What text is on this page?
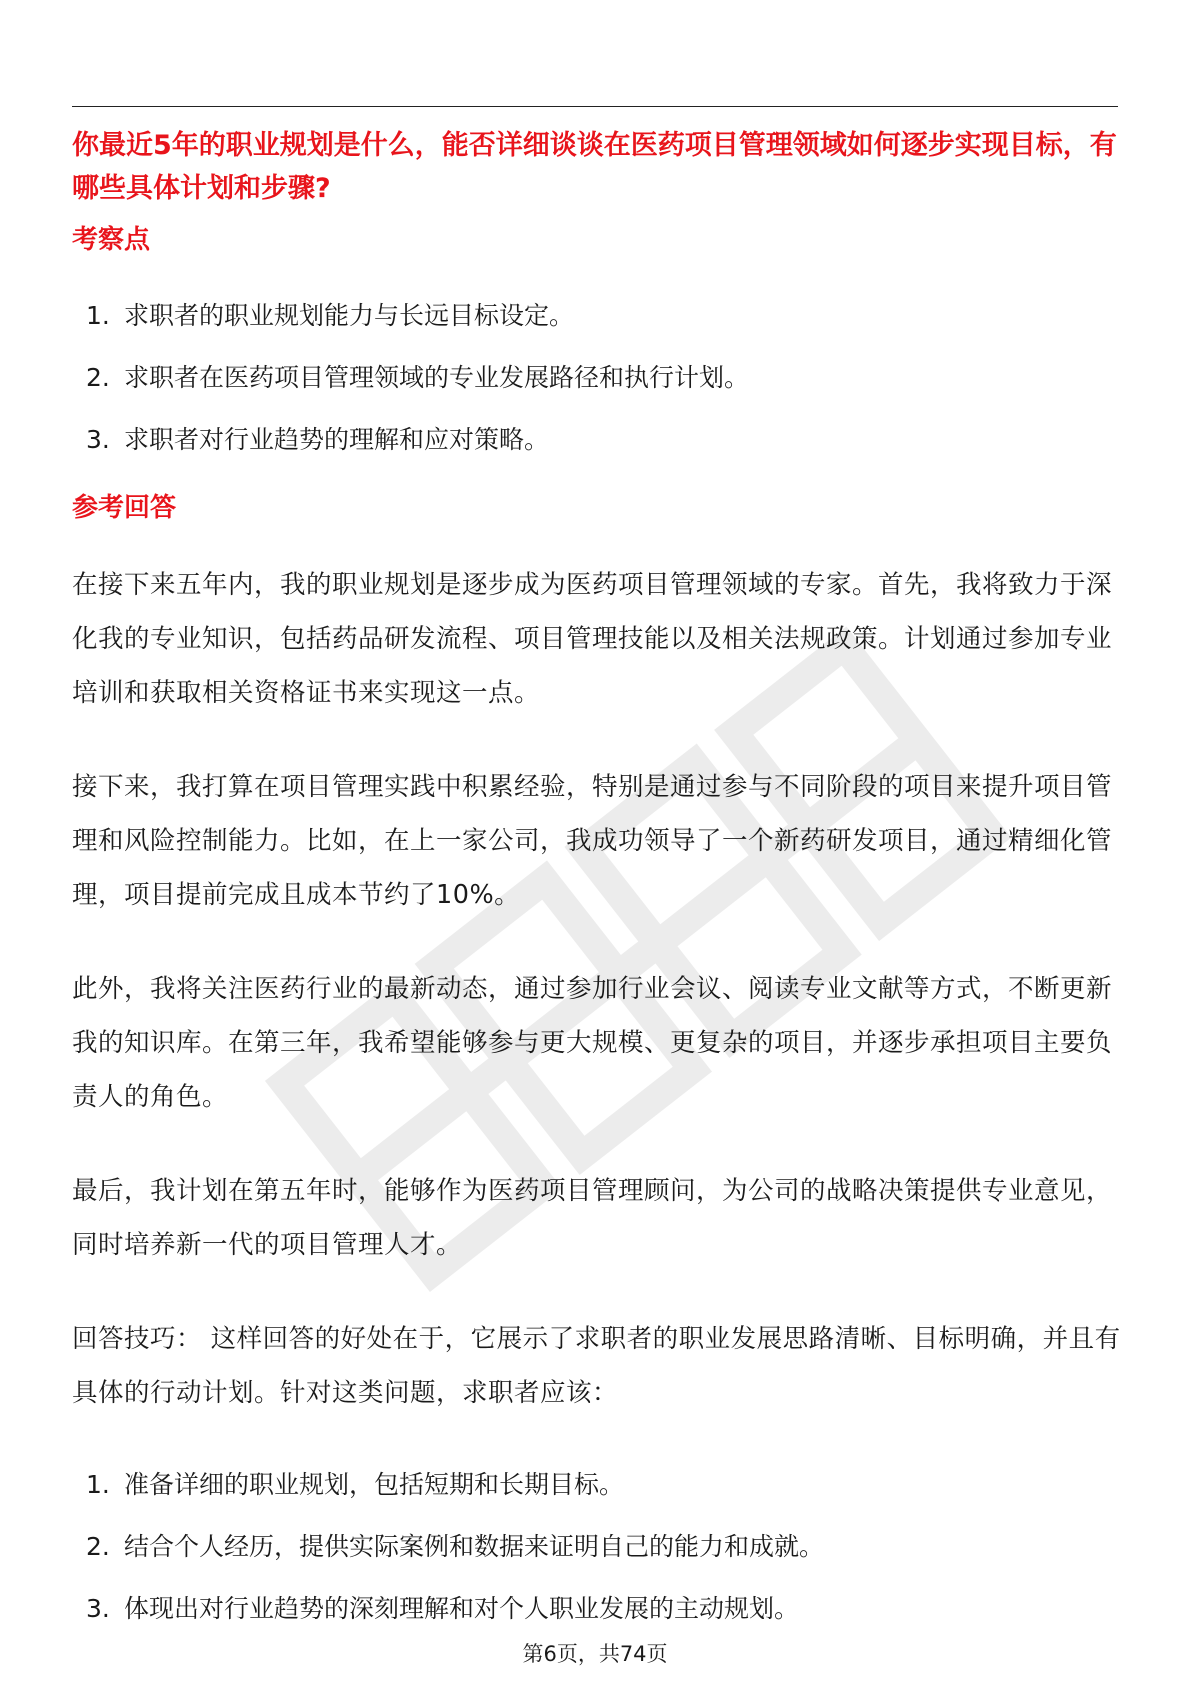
你最近5年的职业规划是什么，能否详细谈谈在医药项目管理领域如何逐步实现目标，有哪些具体计划和步骤?
考察点
1. 求职者的职业规划能力与长远目标设定。
2. 求职者在医药项目管理领域的专业发展路径和执行计划。
3. 求职者对行业趋势的理解和应对策略。
参考回答

在接下来五年内，我的职业规划是逐步成为医药项目管理领域的专家。首先，我将致力于深化我的专业知识，包括药品研发流程、项目管理技能以及相关法规政策。计划通过参加专业培训和获取相关资格证书来实现这一点。

接下来，我打算在项目管理实践中积累经验，特别是通过参与不同阶段的项目来提升项目管理和风险控制能力。比如，在上一家公司，我成功领导了一个新药研发项目，通过精细化管理，项目提前完成且成本节约了10%。

此外，我将关注医药行业的最新动态，通过参加行业会议、阅读专业文献等方式，不断更新我的知识库。在第三年，我希望能够参与更大规模、更复杂的项目，并逐步承担项目主要负责人的角色。

最后，我计划在第五年时，能够作为医药项目管理顾问，为公司的战略决策提供专业意见，同时培养新一代的项目管理人才。

回答技巧： 这样回答的好处在于，它展示了求职者的职业发展思路清晰、目标明确，并且有具体的行动计划。针对这类问题，求职者应该：

1. 准备详细的职业规划，包括短期和长期目标。
2. 结合个人经历，提供实际案例和数据来证明自己的能力和成就。
3. 体现出对行业趋势的深刻理解和对个人职业发展的主动规划。
第6页，共74页
